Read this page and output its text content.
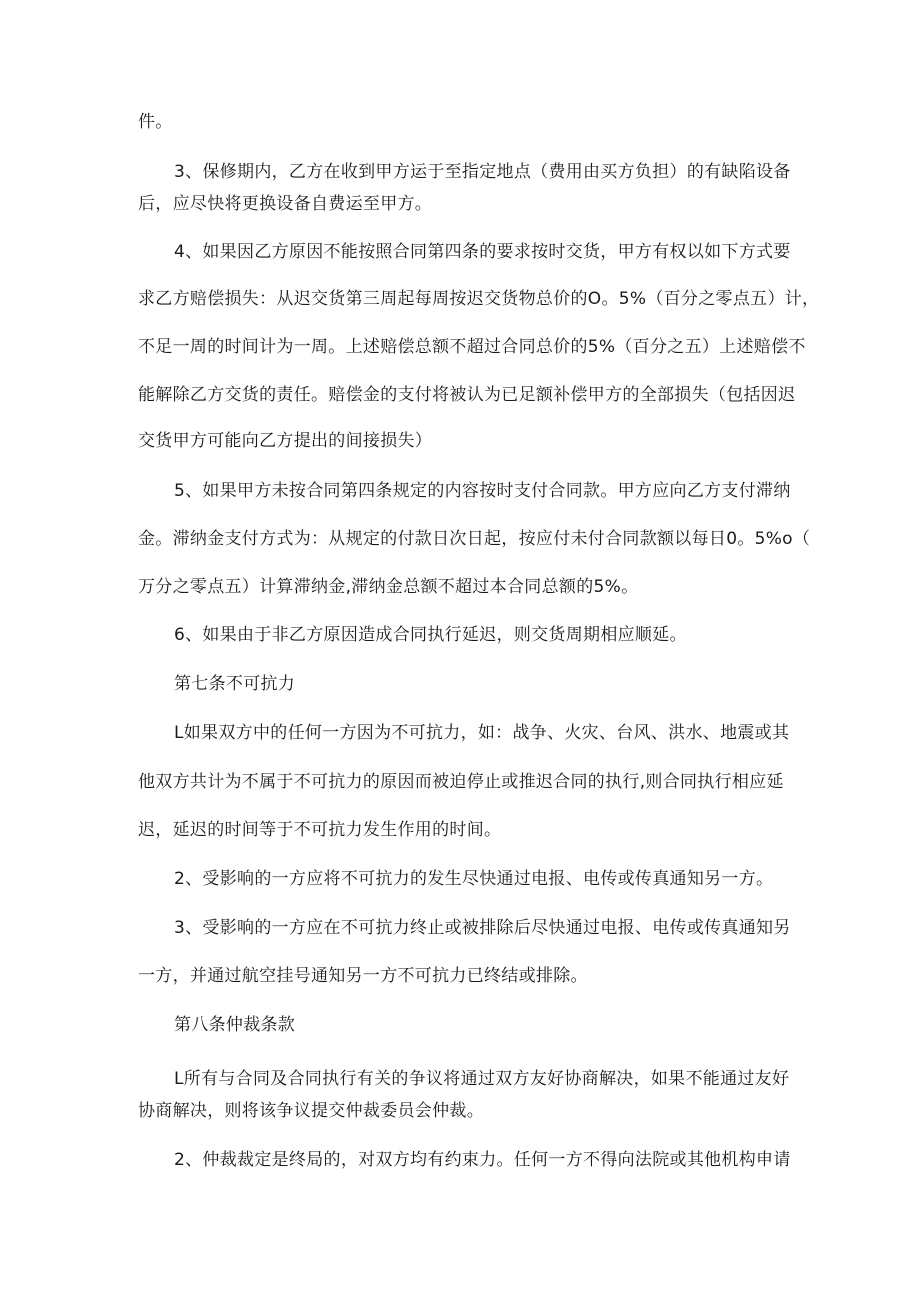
件。

3、保修期内，乙方在收到甲方运于至指定地点（费用由买方负担）的有缺陷设备

后，应尽快将更换设备自费运至甲方。

4、如果因乙方原因不能按照合同第四条的要求按时交货，甲方有权以如下方式要

求乙方赔偿损失：从迟交货第三周起每周按迟交货物总价的O。5%（百分之零点五）计，

不足一周的时间计为一周。上述赔偿总额不超过合同总价的5%（百分之五）上述赔偿不

能解除乙方交货的责任。赔偿金的支付将被认为已足额补偿甲方的全部损失（包括因迟

交货甲方可能向乙方提出的间接损失）

5、如果甲方未按合同第四条规定的内容按时支付合同款。甲方应向乙方支付滞纳

金。滞纳金支付方式为：从规定的付款日次日起，按应付未付合同款额以每日0。5%o（

万分之零点五）计算滞纳金,滞纳金总额不超过本合同总额的5%。

6、如果由于非乙方原因造成合同执行延迟，则交货周期相应顺延。

第七条不可抗力

L如果双方中的任何一方因为不可抗力，如：战争、火灾、台风、洪水、地震或其

他双方共计为不属于不可抗力的原因而被迫停止或推迟合同的执行,则合同执行相应延

迟，延迟的时间等于不可抗力发生作用的时间。

2、受影响的一方应将不可抗力的发生尽快通过电报、电传或传真通知另一方。

3、受影响的一方应在不可抗力终止或被排除后尽快通过电报、电传或传真通知另

一方，并通过航空挂号通知另一方不可抗力已终结或排除。

第八条仲裁条款

L所有与合同及合同执行有关的争议将通过双方友好协商解决，如果不能通过友好

协商解决，则将该争议提交仲裁委员会仲裁。

2、仲裁裁定是终局的，对双方均有约束力。任何一方不得向法院或其他机构申请
